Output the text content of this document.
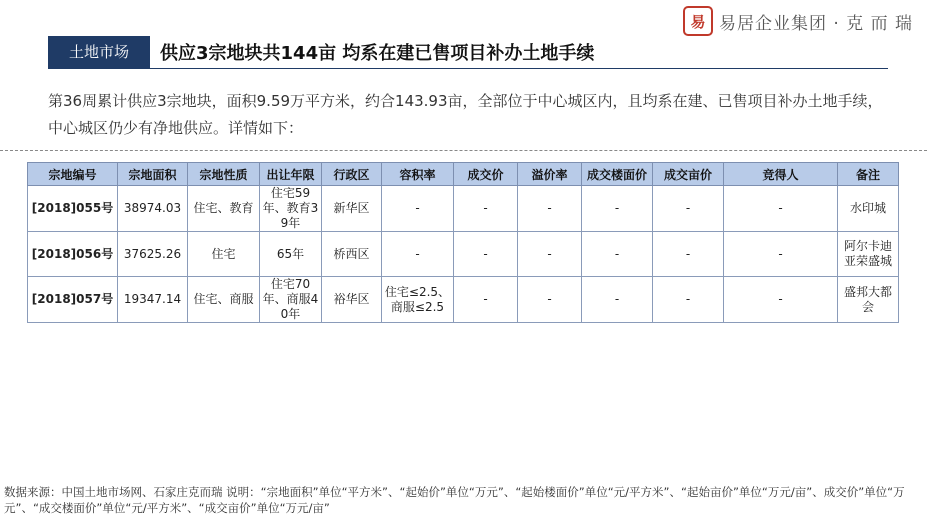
易 易居企业集团 · 克 而 瑞
土地市场	供应3宗地块共144亩 均系在建已售项目补办土地手续
第36周累计供应3宗地块，面积9.59万平方米，约合143.93亩，全部位于中心城区内，且均系在建、已售项目补办土地手续，中心城区仍少有净地供应。详情如下：
宗地编号	宗地面积	宗地性质	出让年限	行政区	容积率	成交价	溢价率	成交楼面价	成交亩价	竞得人	备注
[2018]055号	38974.03	住宅、教育	住宅59年、教育39年	新华区	-	-	-	-	-	-	水印城
[2018]056号	37625.26	住宅	65年	桥西区	-	-	-	-	-	-	阿尔卡迪亚荣盛城
[2018]057号	19347.14	住宅、商服	住宅70年、商服40年	裕华区	住宅≤2.5、商服≤2.5	-	-	-	-	-	盛邦大都会
数据来源：中国土地市场网、石家庄克而瑞 说明：“宗地面积”单位“平方米”、“起始价”单位“万元”、“起始楼面价”单位“元/平方米”、“起始亩价”单位“万元/亩”、成交价”单位“万元”、“成交楼面价”单位“元/平方米”、“成交亩价”单位“万元/亩”
